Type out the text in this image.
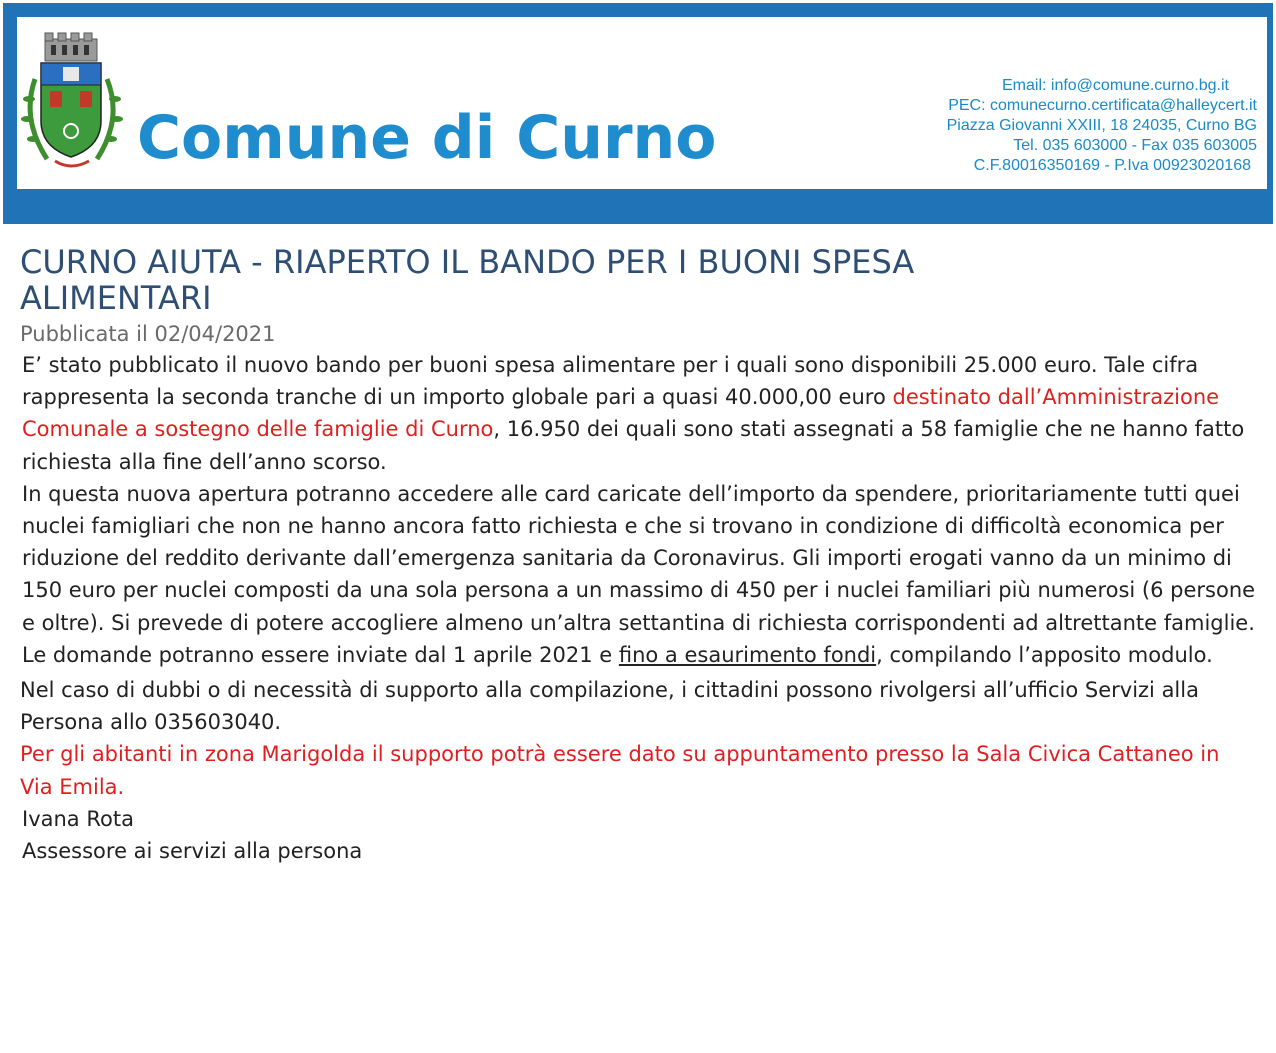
Comune di Curno
Email: info@comune.curno.bg.it
PEC: comunecurno.certificata@halleycert.it
Piazza Giovanni XXIII, 18 24035, Curno BG
Tel. 035 603000 - Fax 035 603005
C.F.80016350169 - P.Iva 00923020168
CURNO AIUTA - RIAPERTO IL BANDO PER I BUONI SPESA ALIMENTARI
Pubblicata il 02/04/2021

E’ stato pubblicato il nuovo bando per buoni spesa alimentare per i quali sono disponibili 25.000 euro. Tale cifra rappresenta la seconda tranche di un importo globale pari a quasi 40.000,00 euro destinato dall’Amministrazione Comunale a sostegno delle famiglie di Curno, 16.950 dei quali sono stati assegnati a 58 famiglie che ne hanno fatto richiesta alla fine dell’anno scorso.

In questa nuova apertura potranno accedere alle card caricate dell’importo da spendere, prioritariamente tutti quei nuclei famigliari che non ne hanno ancora fatto richiesta e che si trovano in condizione di difficoltà economica per riduzione del reddito derivante dall’emergenza sanitaria da Coronavirus. Gli importi erogati vanno da un minimo di 150 euro per nuclei composti da una sola persona a un massimo di 450 per i nuclei familiari più numerosi (6 persone e oltre). Si prevede di potere accogliere almeno un’altra settantina di richiesta corrispondenti ad altrettante famiglie.

Le domande potranno essere inviate dal 1 aprile 2021 e fino a esaurimento fondi, compilando l’apposito modulo.

Nel caso di dubbi o di necessità di supporto alla compilazione, i cittadini possono rivolgersi all’ufficio Servizi alla Persona allo 035603040.

Per gli abitanti in zona Marigolda il supporto potrà essere dato su appuntamento presso la Sala Civica Cattaneo in Via Emila.

Ivana Rota

Assessore ai servizi alla persona
